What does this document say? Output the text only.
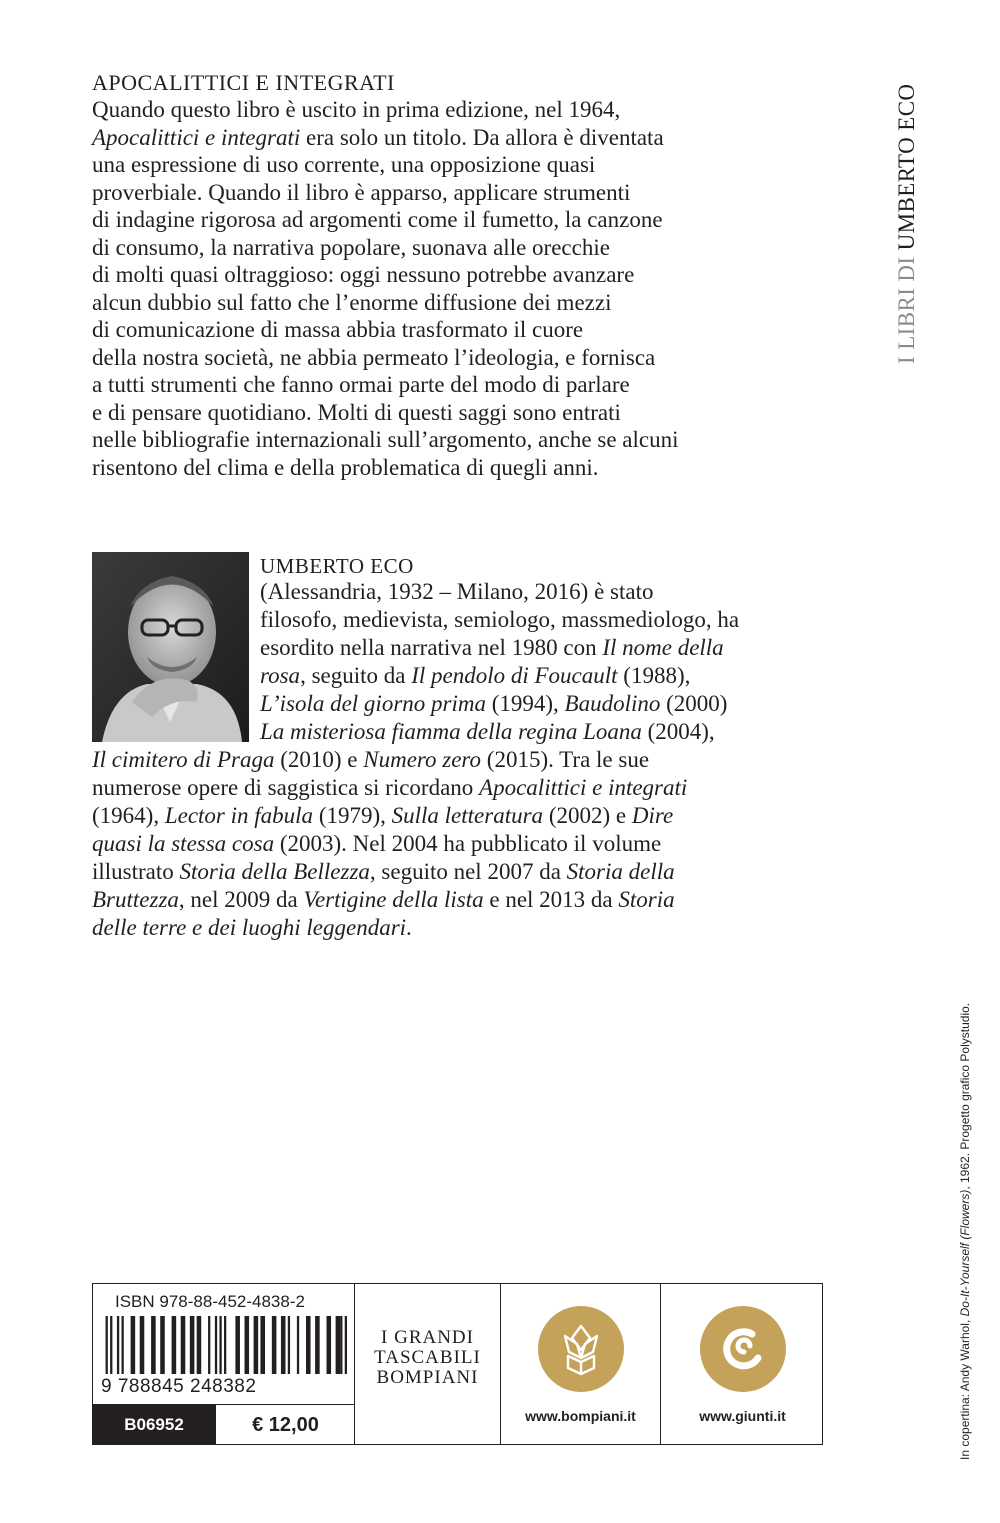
APOCALITTICI E INTEGRATI
Quando questo libro è uscito in prima edizione, nel 1964,
Apocalittici e integrati era solo un titolo. Da allora è diventata
una espressione di uso corrente, una opposizione quasi
proverbiale. Quando il libro è apparso, applicare strumenti
di indagine rigorosa ad argomenti come il fumetto, la canzone
di consumo, la narrativa popolare, suonava alle orecchie
di molti quasi oltraggioso: oggi nessuno potrebbe avanzare
alcun dubbio sul fatto che l’enorme diffusione dei mezzi
di comunicazione di massa abbia trasformato il cuore
della nostra società, ne abbia permeato l’ideologia, e fornisca
a tutti strumenti che fanno ormai parte del modo di parlare
e di pensare quotidiano. Molti di questi saggi sono entrati
nelle bibliografie internazionali sull’argomento, anche se alcuni
risentono del clima e della problematica di quegli anni.
I LIBRI DI UMBERTO ECO
UMBERTO ECO
(Alessandria, 1932 – Milano, 2016) è stato
filosofo, medievista, semiologo, massmediologo, ha
esordito nella narrativa nel 1980 con Il nome della
rosa, seguito da Il pendolo di Foucault (1988),
L’isola del giorno prima (1994), Baudolino (2000)
La misteriosa fiamma della regina Loana (2004),
Il cimitero di Praga (2010) e Numero zero (2015). Tra le sue
numerose opere di saggistica si ricordano Apocalittici e integrati
(1964), Lector in fabula (1979), Sulla letteratura (2002) e Dire
quasi la stessa cosa (2003). Nel 2004 ha pubblicato il volume
illustrato Storia della Bellezza, seguito nel 2007 da Storia della
Bruttezza, nel 2009 da Vertigine della lista e nel 2013 da Storia
delle terre e dei luoghi leggendari.
In copertina: Andy Warhol, Do-It-Yourself (Flowers), 1962. Progetto grafico Polystudio.
ISBN 978-88-452-4838-2
9 788845 248382
B06952	€ 12,00
I GRANDI
TASCABILI
BOMPIANI
www.bompiani.it	www.giunti.it
